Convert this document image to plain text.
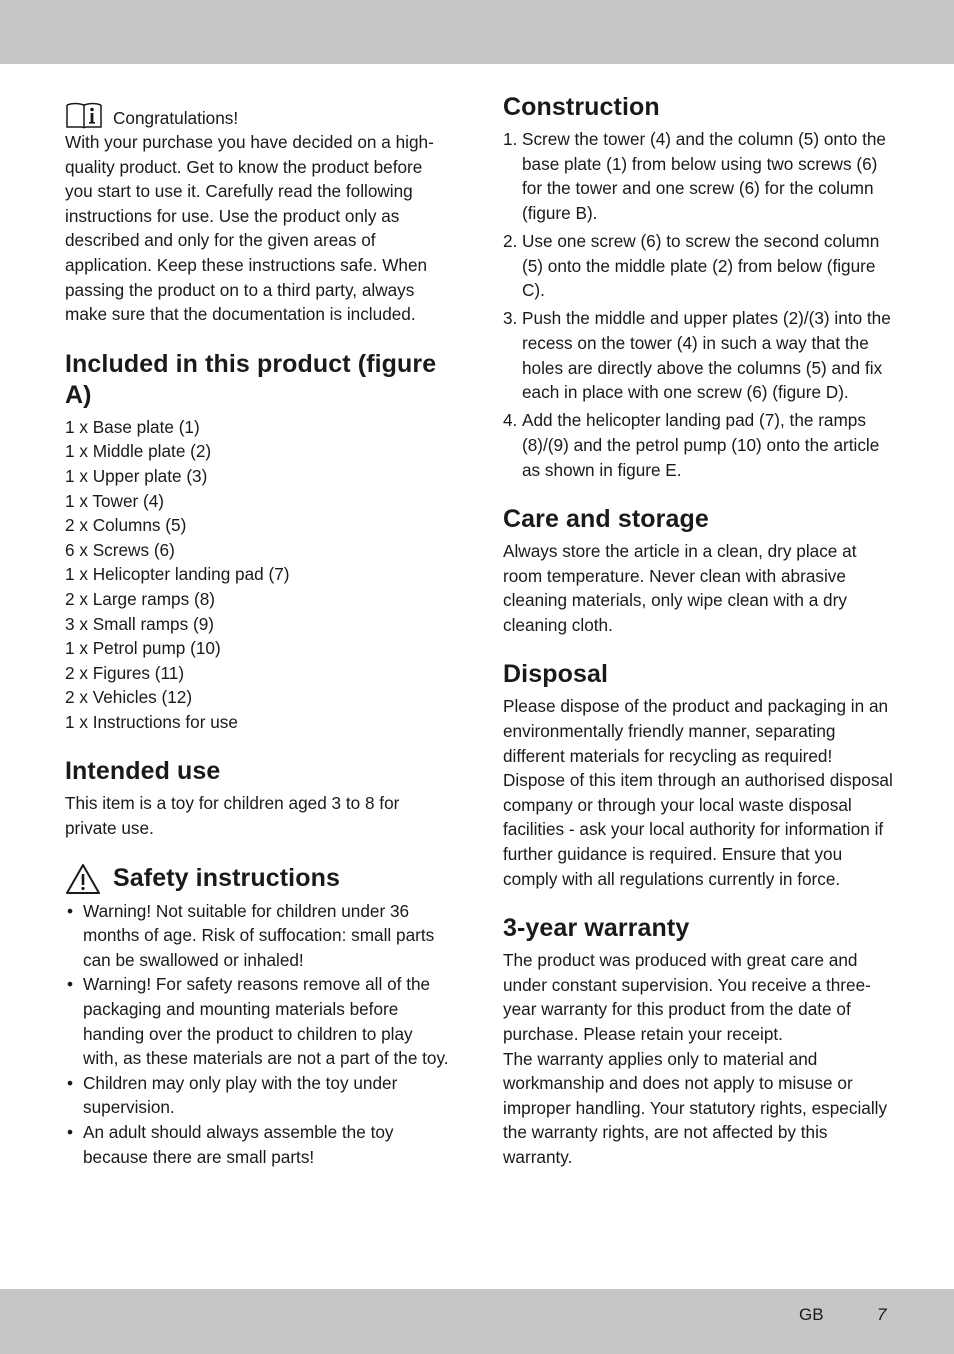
Congratulations!

With your purchase you have decided on a high-quality product. Get to know the product before you start to use it. Carefully read the following instructions for use. Use the product only as described and only for the given areas of application. Keep these instructions safe. When passing the product on to a third party, always make sure that the documentation is included.

Included in this product (figure A)
1 x Base plate (1)
1 x Middle plate (2)
1 x Upper plate (3)
1 x Tower (4)
2 x Columns (5)
6 x Screws (6)
1 x Helicopter landing pad (7)
2 x Large ramps (8)
3 x Small ramps (9)
1 x Petrol pump (10)
2 x Figures (11)
2 x Vehicles (12)
1 x Instructions for use
Intended use

This item is a toy for children aged 3 to 8 for private use.

Safety instructions
• Warning! Not suitable for children under 36 months of age. Risk of suffocation: small parts can be swallowed or inhaled!
• Warning! For safety reasons remove all of the packaging and mounting materials before handing over the product to children to play with, as these materials are not a part of the toy.
• Children may only play with the toy under supervision.
• An adult should always assemble the toy because there are small parts!
Construction
1. Screw the tower (4) and the column (5) onto the base plate (1) from below using two screws (6) for the tower and one screw (6) for the column (figure B).
2. Use one screw (6) to screw the second column (5) onto the middle plate (2) from below (figure C).
3. Push the middle and upper plates (2)/(3) into the recess on the tower (4) in such a way that the holes are directly above the columns (5) and fix each in place with one screw (6) (figure D).
4. Add the helicopter landing pad (7), the ramps (8)/(9) and the petrol pump (10) onto the article as shown in figure E.
Care and storage

Always store the article in a clean, dry place at room temperature. Never clean with abrasive cleaning materials, only wipe clean with a dry cleaning cloth.

Disposal

Please dispose of the product and packaging in an environmentally friendly manner, separating different materials for recycling as required! Dispose of this item through an authorised disposal company or through your local waste disposal facilities - ask your local authority for information if further guidance is required. Ensure that you comply with all regulations currently in force.

3-year warranty

The product was produced with great care and under constant supervision. You receive a three-year warranty for this product from the date of purchase. Please retain your receipt.

The warranty applies only to material and workmanship and does not apply to misuse or improper handling. Your statutory rights, especially the warranty rights, are not affected by this warranty.

GB	7
